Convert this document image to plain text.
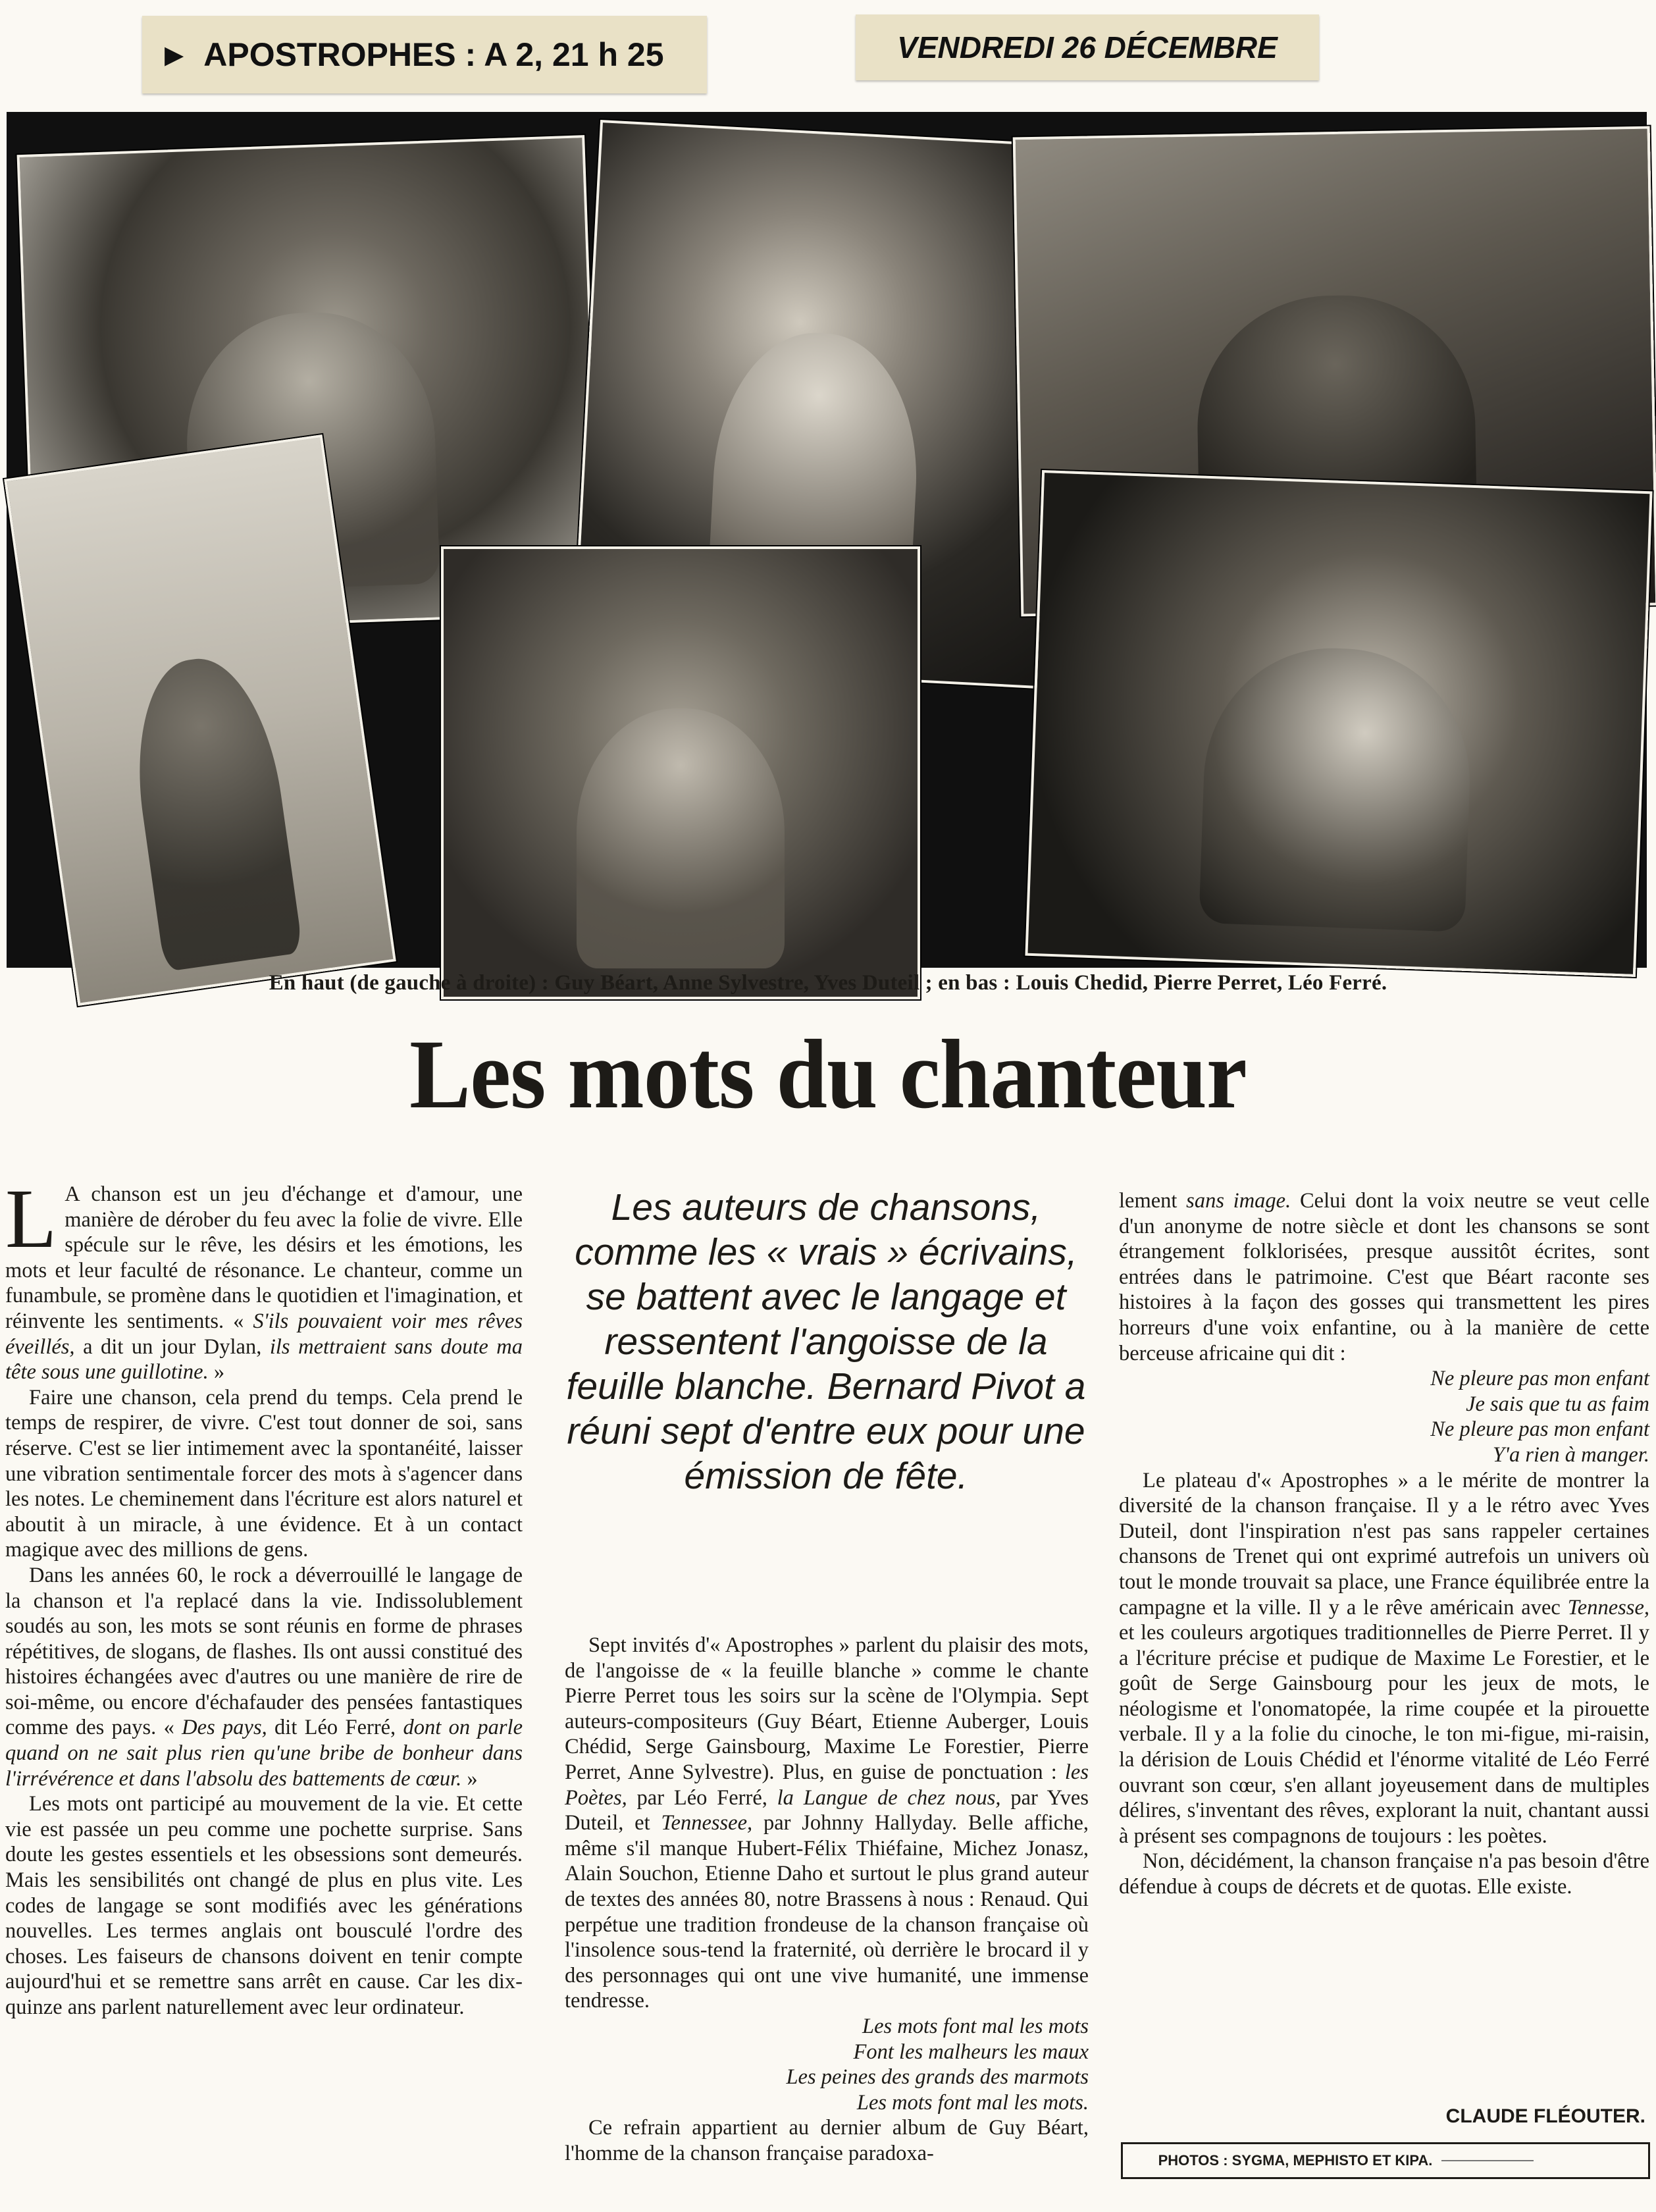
▶ APOSTROPHES : A 2, 21 h 25	VENDREDI 26 DÉCEMBRE
En haut (de gauche à droite) : Guy Béart, Anne Sylvestre, Yves Duteil ; en bas : Louis Chedid, Pierre Perret, Léo Ferré.
Les mots du chanteur

L A chanson est un jeu d'échange et d'amour, une manière de dérober du feu avec la folie de vivre. Elle spécule sur le rêve, les désirs et les émotions, les mots et leur faculté de résonance. Le chanteur, comme un funambule, se promène dans le quotidien et l'imagination, et réinvente les sentiments. « S'ils pouvaient voir mes rêves éveillés, a dit un jour Dylan, ils mettraient sans doute ma tête sous une guillotine. »

Faire une chanson, cela prend du temps. Cela prend le temps de respirer, de vivre. C'est tout donner de soi, sans réserve. C'est se lier intimement avec la spontanéité, laisser une vibration sentimentale forcer des mots à s'agencer dans les notes. Le cheminement dans l'écriture est alors naturel et aboutit à un miracle, à une évidence. Et à un contact magique avec des millions de gens.

Dans les années 60, le rock a déverrouillé le langage de la chanson et l'a replacé dans la vie. Indissolublement soudés au son, les mots se sont réunis en forme de phrases répétitives, de slogans, de flashes. Ils ont aussi constitué des histoires échangées avec d'autres ou une manière de rire de soi-même, ou encore d'échafauder des pensées fantastiques comme des pays. « Des pays, dit Léo Ferré, dont on parle quand on ne sait plus rien qu'une bribe de bonheur dans l'irrévérence et dans l'absolu des battements de cœur. »

Les mots ont participé au mouvement de la vie. Et cette vie est passée un peu comme une pochette surprise. Sans doute les gestes essentiels et les obsessions sont demeurés. Mais les sensibilités ont changé de plus en plus vite. Les codes de langage se sont modifiés avec les générations nouvelles. Les termes anglais ont bousculé l'ordre des choses. Les faiseurs de chansons doivent en tenir compte aujourd'hui et se remettre sans arrêt en cause. Car les dix-quinze ans parlent naturellement avec leur ordinateur.

Les auteurs de chansons, comme les « vrais » écrivains, se battent avec le langage et ressentent l'angoisse de la feuille blanche. Bernard Pivot a réuni sept d'entre eux pour une émission de fête.

Sept invités d'« Apostrophes » parlent du plaisir des mots, de l'angoisse de « la feuille blanche » comme le chante Pierre Perret tous les soirs sur la scène de l'Olympia. Sept auteurs-compositeurs (Guy Béart, Etienne Auberger, Louis Chédid, Serge Gainsbourg, Maxime Le Forestier, Pierre Perret, Anne Sylvestre). Plus, en guise de ponctuation : les Poètes, par Léo Ferré, la Langue de chez nous, par Yves Duteil, et Tennessee, par Johnny Hallyday. Belle affiche, même s'il manque Hubert-Félix Thiéfaine, Michez Jonasz, Alain Souchon, Etienne Daho et surtout le plus grand auteur de textes des années 80, notre Brassens à nous : Renaud. Qui perpétue une tradition frondeuse de la chanson française où l'insolence sous-tend la fraternité, où derrière le brocard il y des personnages qui ont une vive humanité, une immense tendresse.

Les mots font mal les mots
Font les malheurs les maux
Les peines des grands des marmots
Les mots font mal les mots.

Ce refrain appartient au dernier album de Guy Béart, l'homme de la chanson française paradoxa-

lement sans image. Celui dont la voix neutre se veut celle d'un anonyme de notre siècle et dont les chansons se sont étrangement folklorisées, presque aussitôt écrites, sont entrées dans le patrimoine. C'est que Béart raconte ses histoires à la façon des gosses qui transmettent les pires horreurs d'une voix enfantine, ou à la manière de cette berceuse africaine qui dit :

Ne pleure pas mon enfant
Je sais que tu as faim
Ne pleure pas mon enfant
Y'a rien à manger.

Le plateau d'« Apostrophes » a le mérite de montrer la diversité de la chanson française. Il y a le rétro avec Yves Duteil, dont l'inspiration n'est pas sans rappeler certaines chansons de Trenet qui ont exprimé autrefois un univers où tout le monde trouvait sa place, une France équilibrée entre la campagne et la ville. Il y a le rêve américain avec Tennesse, et les couleurs argotiques traditionnelles de Pierre Perret. Il y a l'écriture précise et pudique de Maxime Le Forestier, et le goût de Serge Gainsbourg pour les jeux de mots, le néologisme et l'onomatopée, la rime coupée et la pirouette verbale. Il y a la folie du cinoche, le ton mi-figue, mi-raisin, la dérision de Louis Chédid et l'énorme vitalité de Léo Ferré ouvrant son cœur, s'en allant joyeusement dans de multiples délires, s'inventant des rêves, explorant la nuit, chantant aussi à présent ses compagnons de toujours : les poètes.

Non, décidément, la chanson française n'a pas besoin d'être défendue à coups de décrets et de quotas. Elle existe.

CLAUDE FLÉOUTER.
PHOTOS : SYGMA, MEPHISTO ET KIPA.
